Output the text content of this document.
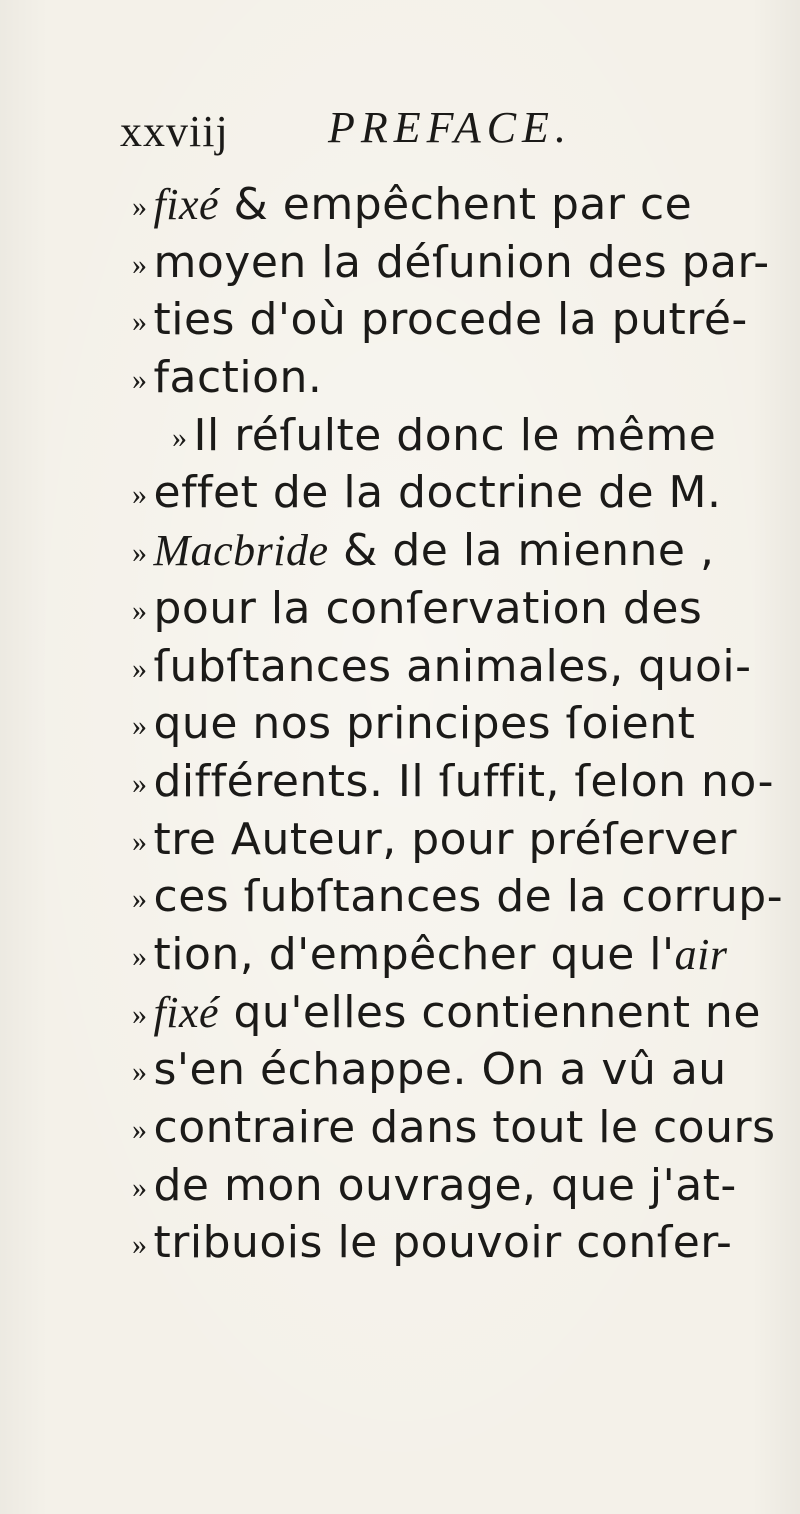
xxviij PREFACE.
» fixé & empêchent par ce
» moyen la déſunion des par-
» ties d'où procede la putré-
» faction.
» Il réſulte donc le même
» effet de la doctrine de M.
» Macbride & de la mienne ,
» pour la conſervation des
» ſubſtances animales, quoi-
» que nos principes ſoient
» différents. Il ſuffit, ſelon no-
» tre Auteur, pour préſerver
» ces ſubſtances de la corrup-
» tion, d'empêcher que l'air
» fixé qu'elles contiennent ne
» s'en échappe. On a vû au
» contraire dans tout le cours
» de mon ouvrage, que j'at-
» tribuois le pouvoir conſer-
